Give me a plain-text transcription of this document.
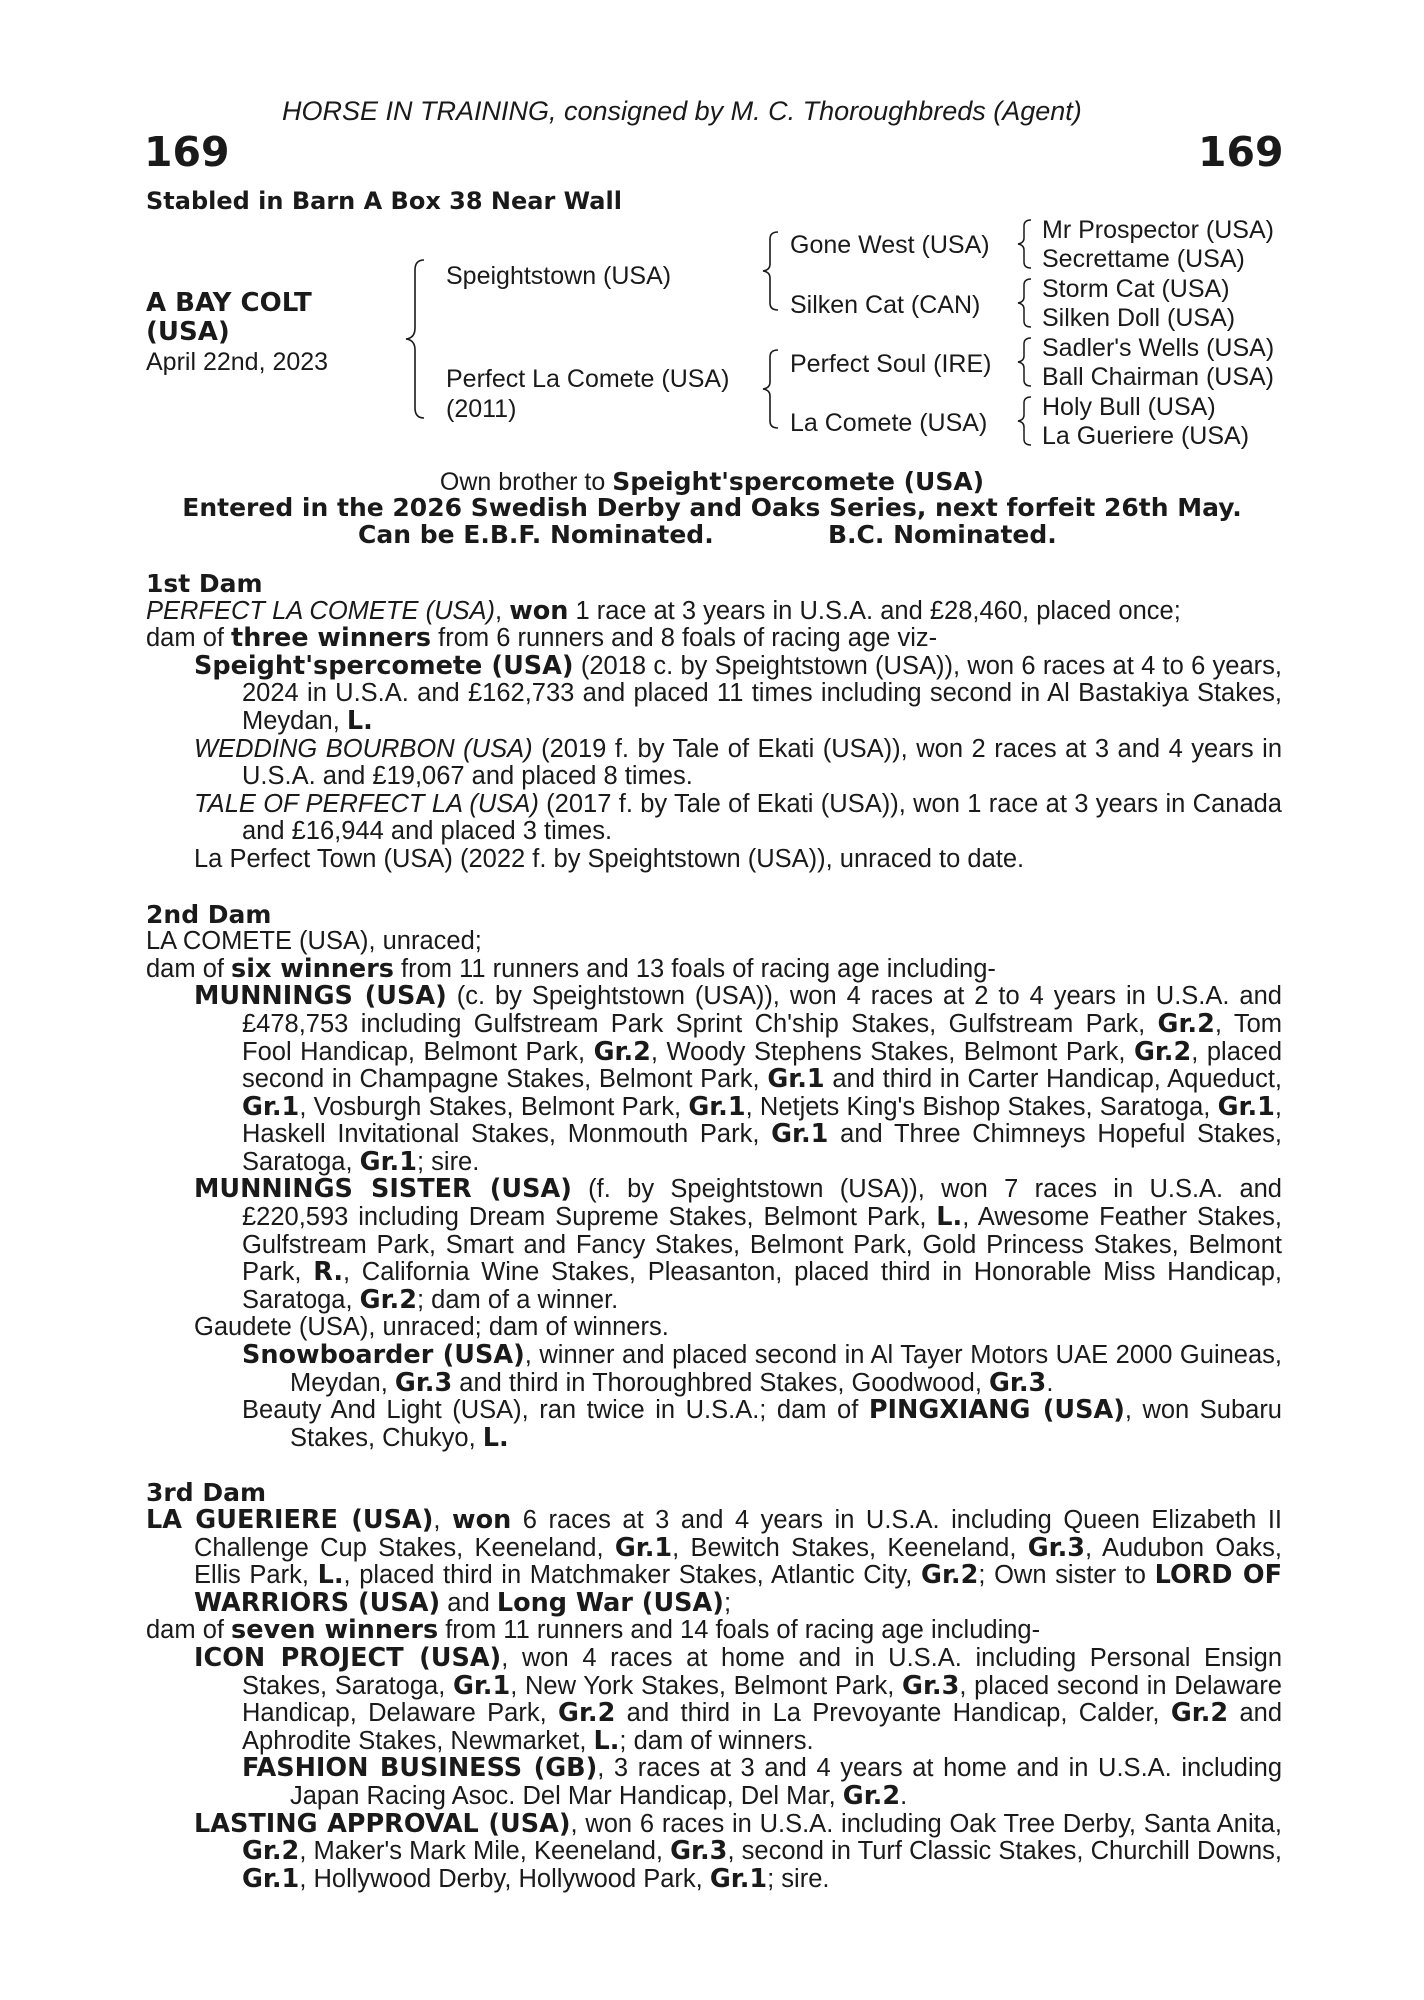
HORSE IN TRAINING, consigned by M. C. Thoroughbreds (Agent)
169	169
Stabled in Barn A Box 38 Near Wall
A BAY COLT
(USA)
April 22nd, 2023
Speightstown (USA)
Perfect La Comete (USA)
(2011)
Gone West (USA)
Silken Cat (CAN)
Perfect Soul (IRE)
La Comete (USA)
Mr Prospector (USA)
Secrettame (USA)
Storm Cat (USA)
Silken Doll (USA)
Sadler's Wells (USA)
Ball Chairman (USA)
Holy Bull (USA)
La Gueriere (USA)
Own brother to Speight'spercomete (USA)
Entered in the 2026 Swedish Derby and Oaks Series, next forfeit 26th May.
Can be E.B.F. Nominated.	B.C. Nominated.
1st Dam

PERFECT LA COMETE (USA), won 1 race at 3 years in U.S.A. and £28,460, placed once;

dam of three winners from 6 runners and 8 foals of racing age viz-

Speight'spercomete (USA) (2018 c. by Speightstown (USA)), won 6 races at 4 to 6 years, 2024 in U.S.A. and £162,733 and placed 11 times including second in Al Bastakiya Stakes, Meydan, L.

WEDDING BOURBON (USA) (2019 f. by Tale of Ekati (USA)), won 2 races at 3 and 4 years in U.S.A. and £19,067 and placed 8 times.

TALE OF PERFECT LA (USA) (2017 f. by Tale of Ekati (USA)), won 1 race at 3 years in Canada and £16,944 and placed 3 times.

La Perfect Town (USA) (2022 f. by Speightstown (USA)), unraced to date.

2nd Dam

LA COMETE (USA), unraced;

dam of six winners from 11 runners and 13 foals of racing age including-

MUNNINGS (USA) (c. by Speightstown (USA)), won 4 races at 2 to 4 years in U.S.A. and £478,753 including Gulfstream Park Sprint Ch'ship Stakes, Gulfstream Park, Gr.2, Tom Fool Handicap, Belmont Park, Gr.2, Woody Stephens Stakes, Belmont Park, Gr.2, placed second in Champagne Stakes, Belmont Park, Gr.1 and third in Carter Handicap, Aqueduct, Gr.1, Vosburgh Stakes, Belmont Park, Gr.1, Netjets King's Bishop Stakes, Saratoga, Gr.1, Haskell Invitational Stakes, Monmouth Park, Gr.1 and Three Chimneys Hopeful Stakes, Saratoga, Gr.1; sire.

MUNNINGS SISTER (USA) (f. by Speightstown (USA)), won 7 races in U.S.A. and £220,593 including Dream Supreme Stakes, Belmont Park, L., Awesome Feather Stakes, Gulfstream Park, Smart and Fancy Stakes, Belmont Park, Gold Princess Stakes, Belmont Park, R., California Wine Stakes, Pleasanton, placed third in Honorable Miss Handicap, Saratoga, Gr.2; dam of a winner.

Gaudete (USA), unraced; dam of winners.

Snowboarder (USA), winner and placed second in Al Tayer Motors UAE 2000 Guineas, Meydan, Gr.3 and third in Thoroughbred Stakes, Goodwood, Gr.3.

Beauty And Light (USA), ran twice in U.S.A.; dam of PINGXIANG (USA), won Subaru Stakes, Chukyo, L.

3rd Dam

LA GUERIERE (USA), won 6 races at 3 and 4 years in U.S.A. including Queen Elizabeth II Challenge Cup Stakes, Keeneland, Gr.1, Bewitch Stakes, Keeneland, Gr.3, Audubon Oaks, Ellis Park, L., placed third in Matchmaker Stakes, Atlantic City, Gr.2; Own sister to LORD OF WARRIORS (USA) and Long War (USA);

dam of seven winners from 11 runners and 14 foals of racing age including-

ICON PROJECT (USA), won 4 races at home and in U.S.A. including Personal Ensign Stakes, Saratoga, Gr.1, New York Stakes, Belmont Park, Gr.3, placed second in Delaware Handicap, Delaware Park, Gr.2 and third in La Prevoyante Handicap, Calder, Gr.2 and Aphrodite Stakes, Newmarket, L.; dam of winners.

FASHION BUSINESS (GB), 3 races at 3 and 4 years at home and in U.S.A. including Japan Racing Asoc. Del Mar Handicap, Del Mar, Gr.2.

LASTING APPROVAL (USA), won 6 races in U.S.A. including Oak Tree Derby, Santa Anita, Gr.2, Maker's Mark Mile, Keeneland, Gr.3, second in Turf Classic Stakes, Churchill Downs, Gr.1, Hollywood Derby, Hollywood Park, Gr.1; sire.
